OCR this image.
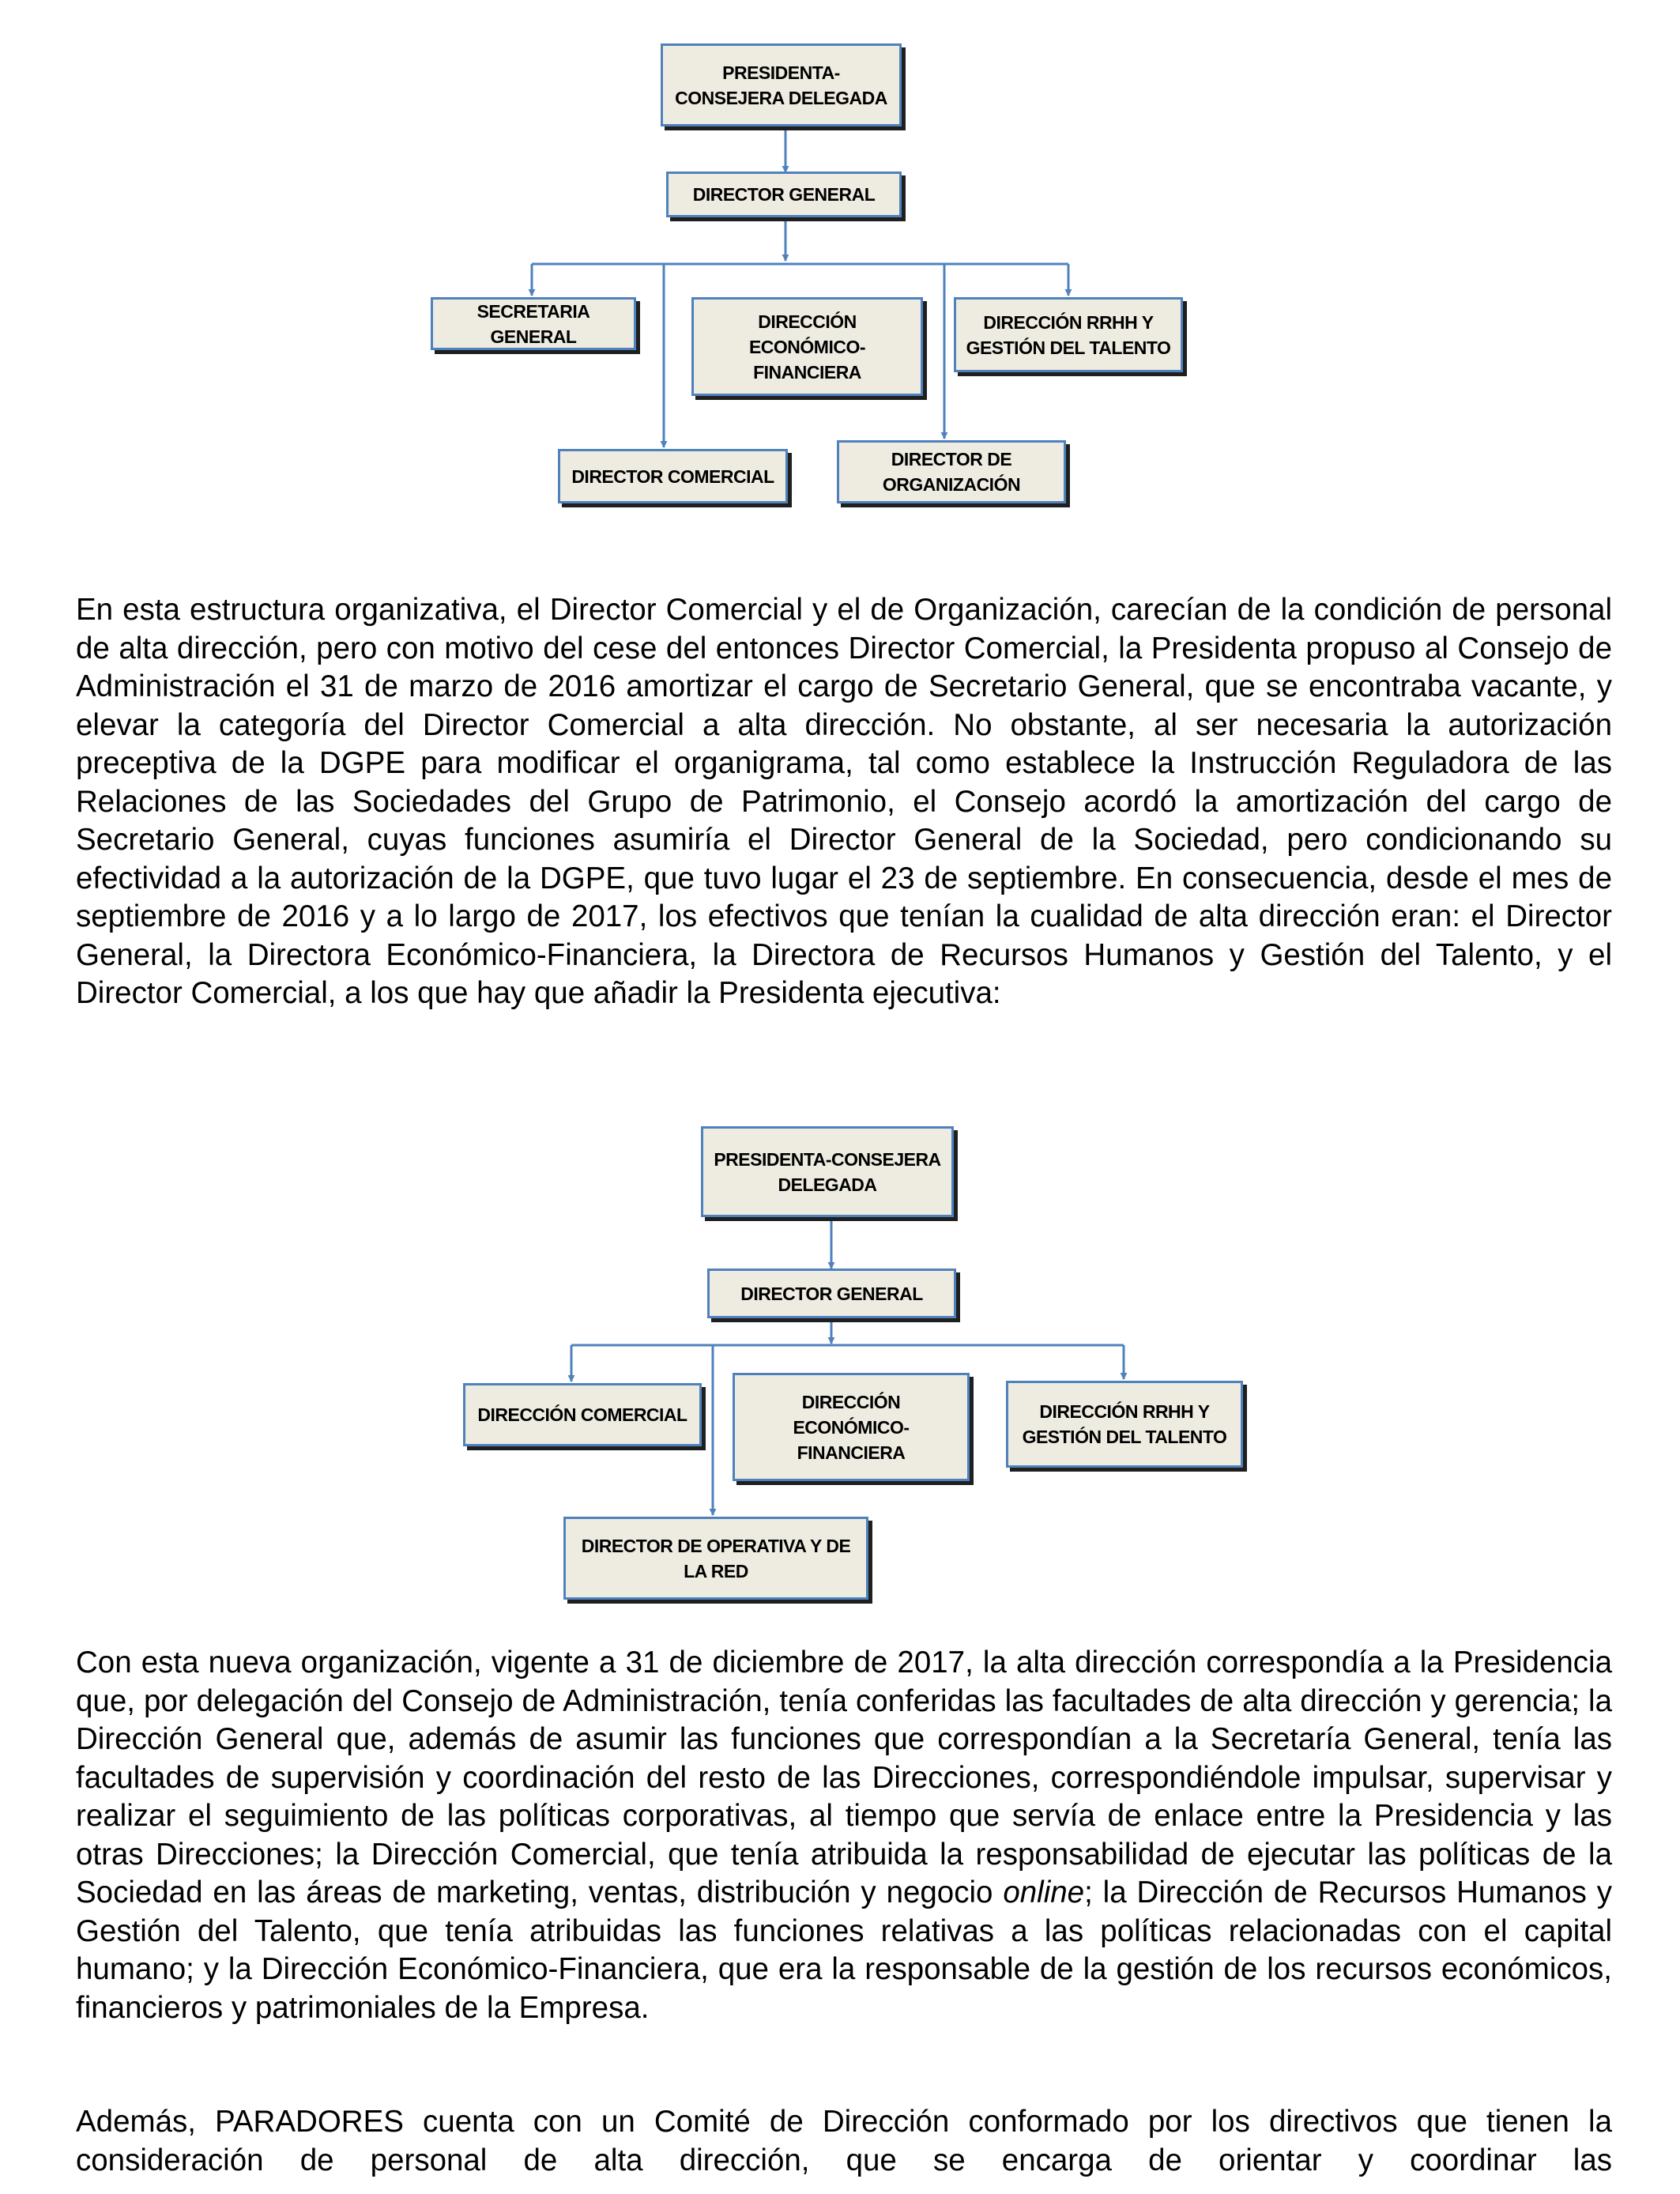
PRESIDENTA-CONSEJERA DELEGADA
DIRECTOR GENERAL
SECRETARIA GENERAL
DIRECCIÓN ECONÓMICO-FINANCIERA
DIRECCIÓN RRHH Y GESTIÓN DEL TALENTO
DIRECTOR COMERCIAL
DIRECTOR DE ORGANIZACIÓN

En esta estructura organizativa, el Director Comercial y el de Organización, carecían de la condición de personal de alta dirección, pero con motivo del cese del entonces Director Comercial, la Presidenta propuso al Consejo de Administración el 31 de marzo de 2016 amortizar el cargo de Secretario General, que se encontraba vacante, y elevar la categoría del Director Comercial a alta dirección. No obstante, al ser necesaria la autorización preceptiva de la DGPE para modificar el organigrama, tal como establece la Instrucción Reguladora de las Relaciones de las Sociedades del Grupo de Patrimonio, el Consejo acordó la amortización del cargo de Secretario General, cuyas funciones asumiría el Director General de la Sociedad, pero condicionando su efectividad a la autorización de la DGPE, que tuvo lugar el 23 de septiembre. En consecuencia, desde el mes de septiembre de 2016 y a lo largo de 2017, los efectivos que tenían la cualidad de alta dirección eran: el Director General, la Directora Económico-Financiera, la Directora de Recursos Humanos y Gestión del Talento, y el Director Comercial, a los que hay que añadir la Presidenta ejecutiva:

PRESIDENTA-CONSEJERA DELEGADA
DIRECTOR GENERAL
DIRECCIÓN COMERCIAL
DIRECCIÓN ECONÓMICO-FINANCIERA
DIRECCIÓN RRHH Y GESTIÓN DEL TALENTO
DIRECTOR DE OPERATIVA Y DE LA RED

Con esta nueva organización, vigente a 31 de diciembre de 2017, la alta dirección correspondía a la Presidencia que, por delegación del Consejo de Administración, tenía conferidas las facultades de alta dirección y gerencia; la Dirección General que, además de asumir las funciones que correspondían a la Secretaría General, tenía las facultades de supervisión y coordinación del resto de las Direcciones, correspondiéndole impulsar, supervisar y realizar el seguimiento de las políticas corporativas, al tiempo que servía de enlace entre la Presidencia y las otras Direcciones; la Dirección Comercial, que tenía atribuida la responsabilidad de ejecutar las políticas de la Sociedad en las áreas de marketing, ventas, distribución y negocio online; la Dirección de Recursos Humanos y Gestión del Talento, que tenía atribuidas las funciones relativas a las políticas relacionadas con el capital humano; y la Dirección Económico-Financiera, que era la responsable de la gestión de los recursos económicos, financieros y patrimoniales de la Empresa.

Además, PARADORES cuenta con un Comité de Dirección conformado por los directivos que tienen la consideración de personal de alta dirección, que se encarga de orientar y coordinar las
